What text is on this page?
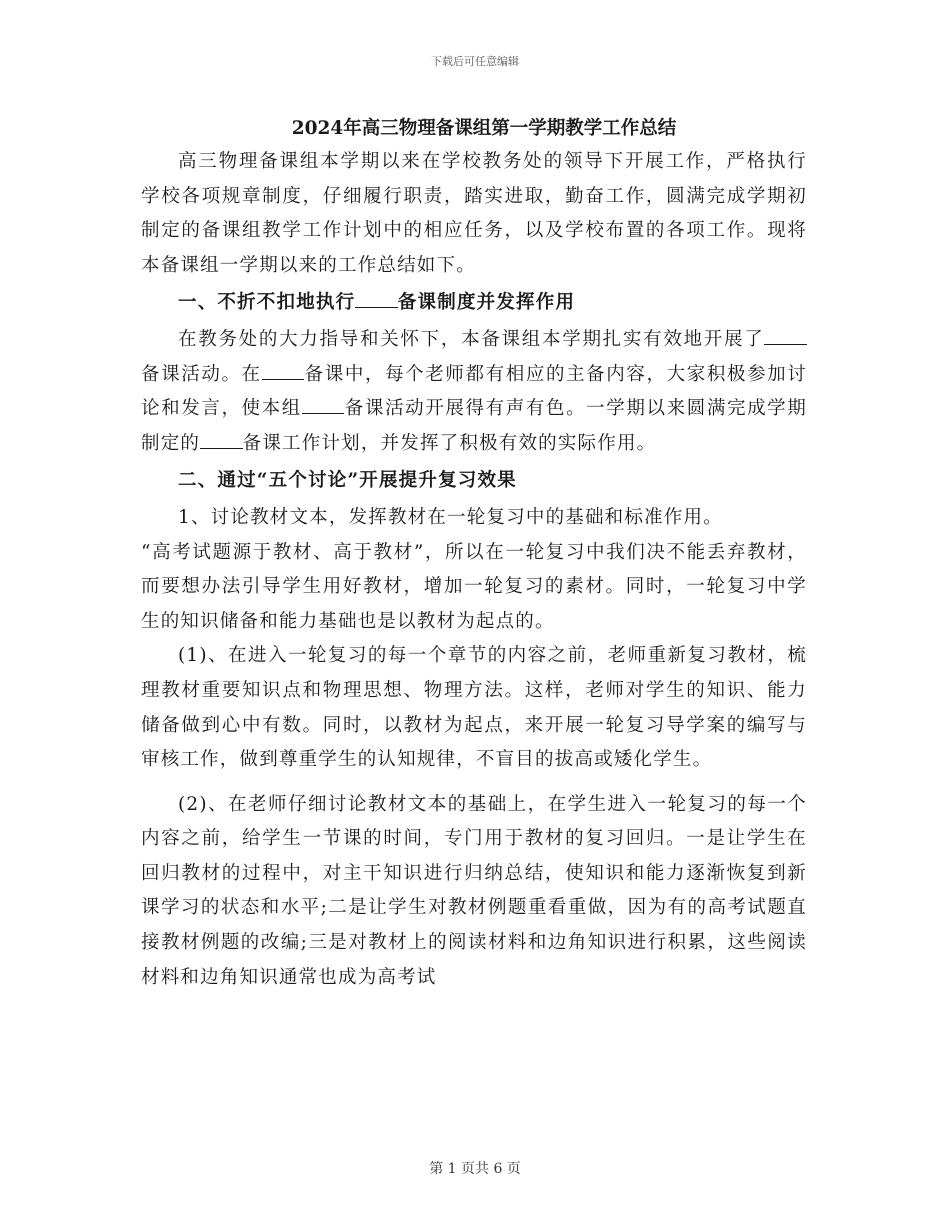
下载后可任意编辑
2024年高三物理备课组第一学期教学工作总结

高三物理备课组本学期以来在学校教务处的领导下开展工作，严格执行学校各项规章制度，仔细履行职责，踏实进取，勤奋工作，圆满完成学期初制定的备课组教学工作计划中的相应任务，以及学校布置的各项工作。现将本备课组一学期以来的工作总结如下。

一、不折不扣地执行 备课制度并发挥作用

在教务处的大力指导和关怀下，本备课组本学期扎实有效地开展了备课活动。在 备课中，每个老师都有相应的主备内容，大家积极参加讨论和发言，使本组 备课活动开展得有声有色。一学期以来圆满完成学期制定的 备课工作计划，并发挥了积极有效的实际作用。

二、通过“五个讨论”开展提升复习效果

1、讨论教材文本，发挥教材在一轮复习中的基础和标准作用。

“高考试题源于教材、高于教材”，所以在一轮复习中我们决不能丢弃教材，而要想办法引导学生用好教材，增加一轮复习的素材。同时，一轮复习中学生的知识储备和能力基础也是以教材为起点的。

(1)、在进入一轮复习的每一个章节的内容之前，老师重新复习教材，梳理教材重要知识点和物理思想、物理方法。这样，老师对学生的知识、能力储备做到心中有数。同时，以教材为起点，来开展一轮复习导学案的编写与审核工作，做到尊重学生的认知规律，不盲目的拔高或矮化学生。

(2)、在老师仔细讨论教材文本的基础上，在学生进入一轮复习的每一个内容之前，给学生一节课的时间，专门用于教材的复习回归。一是让学生在回归教材的过程中，对主干知识进行归纳总结，使知识和能力逐渐恢复到新课学习的状态和水平;二是让学生对教材例题重看重做，因为有的高考试题直接教材例题的改编;三是对教材上的阅读材料和边角知识进行积累，这些阅读材料和边角知识通常也成为高考试

第 1 页共 6 页
